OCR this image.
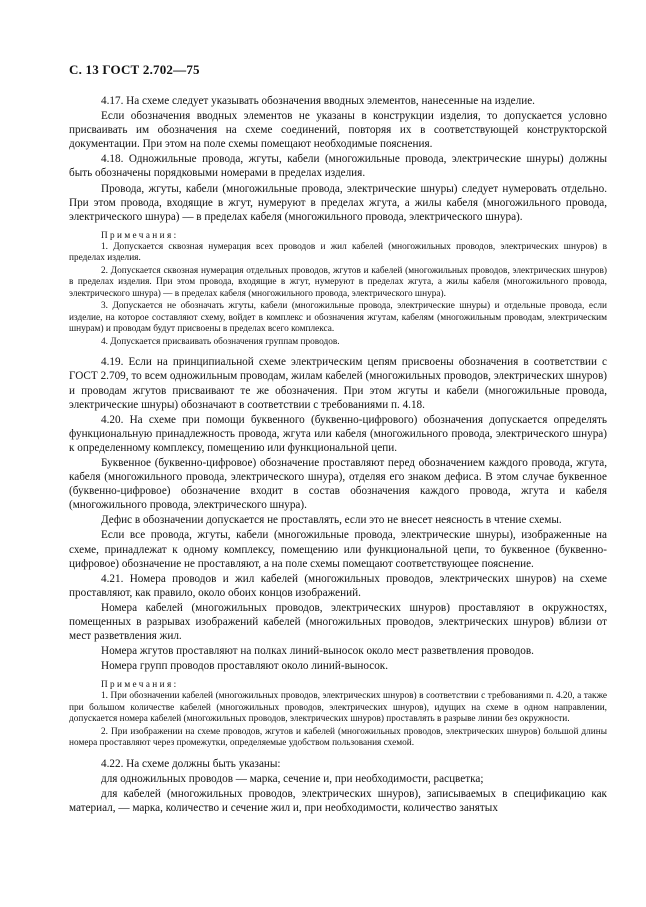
С. 13 ГОСТ 2.702—75

4.17. На схеме следует указывать обозначения вводных элементов, нанесенные на изделие.

Если обозначения вводных элементов не указаны в конструкции изделия, то допускается условно присваивать им обозначения на схеме соединений, повторяя их в соответствующей конструкторской документации. При этом на поле схемы помещают необходимые пояснения.

4.18. Одножильные провода, жгуты, кабели (многожильные провода, электрические шнуры) должны быть обозначены порядковыми номерами в пределах изделия.

Провода, жгуты, кабели (многожильные провода, электрические шнуры) следует нумеровать отдельно. При этом провода, входящие в жгут, нумеруют в пределах жгута, а жилы кабеля (многожильного провода, электрического шнура) — в пределах кабеля (многожильного провода, электрического шнура).

Примечания:

1. Допускается сквозная нумерация всех проводов и жил кабелей (многожильных проводов, электрических шнуров) в пределах изделия.

2. Допускается сквозная нумерация отдельных проводов, жгутов и кабелей (многожильных проводов, электрических шнуров) в пределах изделия. При этом провода, входящие в жгут, нумеруют в пределах жгута, а жилы кабеля (многожильного провода, электрического шнура) — в пределах кабеля (многожильного провода, электрического шнура).

3. Допускается не обозначать жгуты, кабели (многожильные провода, электрические шнуры) и отдельные провода, если изделие, на которое составляют схему, войдет в комплекс и обозначения жгутам, кабелям (многожильным проводам, электрическим шнурам) и проводам будут присвоены в пределах всего комплекса.

4. Допускается присваивать обозначения группам проводов.

4.19. Если на принципиальной схеме электрическим цепям присвоены обозначения в соответствии с ГОСТ 2.709, то всем одножильным проводам, жилам кабелей (многожильных проводов, электрических шнуров) и проводам жгутов присваивают те же обозначения. При этом жгуты и кабели (многожильные провода, электрические шнуры) обозначают в соответствии с требованиями п. 4.18.

4.20. На схеме при помощи буквенного (буквенно-цифрового) обозначения допускается определять функциональную принадлежность провода, жгута или кабеля (многожильного провода, электрического шнура) к определенному комплексу, помещению или функциональной цепи.

Буквенное (буквенно-цифровое) обозначение проставляют перед обозначением каждого провода, жгута, кабеля (многожильного провода, электрического шнура), отделяя его знаком дефиса. В этом случае буквенное (буквенно-цифровое) обозначение входит в состав обозначения каждого провода, жгута и кабеля (многожильного провода, электрического шнура).

Дефис в обозначении допускается не проставлять, если это не внесет неясность в чтение схемы.

Если все провода, жгуты, кабели (многожильные провода, электрические шнуры), изображенные на схеме, принадлежат к одному комплексу, помещению или функциональной цепи, то буквенное (буквенно-цифровое) обозначение не проставляют, а на поле схемы помещают соответствующее пояснение.

4.21. Номера проводов и жил кабелей (многожильных проводов, электрических шнуров) на схеме проставляют, как правило, около обоих концов изображений.

Номера кабелей (многожильных проводов, электрических шнуров) проставляют в окружностях, помещенных в разрывах изображений кабелей (многожильных проводов, электрических шнуров) вблизи от мест разветвления жил.

Номера жгутов проставляют на полках линий-выносок около мест разветвления проводов.

Номера групп проводов проставляют около линий-выносок.

Примечания:

1. При обозначении кабелей (многожильных проводов, электрических шнуров) в соответствии с требованиями п. 4.20, а также при большом количестве кабелей (многожильных проводов, электрических шнуров), идущих на схеме в одном направлении, допускается номера кабелей (многожильных проводов, электрических шнуров) проставлять в разрыве линии без окружности.

2. При изображении на схеме проводов, жгутов и кабелей (многожильных проводов, электрических шнуров) большой длины номера проставляют через промежутки, определяемые удобством пользования схемой.

4.22. На схеме должны быть указаны:

для одножильных проводов — марка, сечение и, при необходимости, расцветка;

для кабелей (многожильных проводов, электрических шнуров), записываемых в спецификацию как материал, — марка, количество и сечение жил и, при необходимости, количество занятых
